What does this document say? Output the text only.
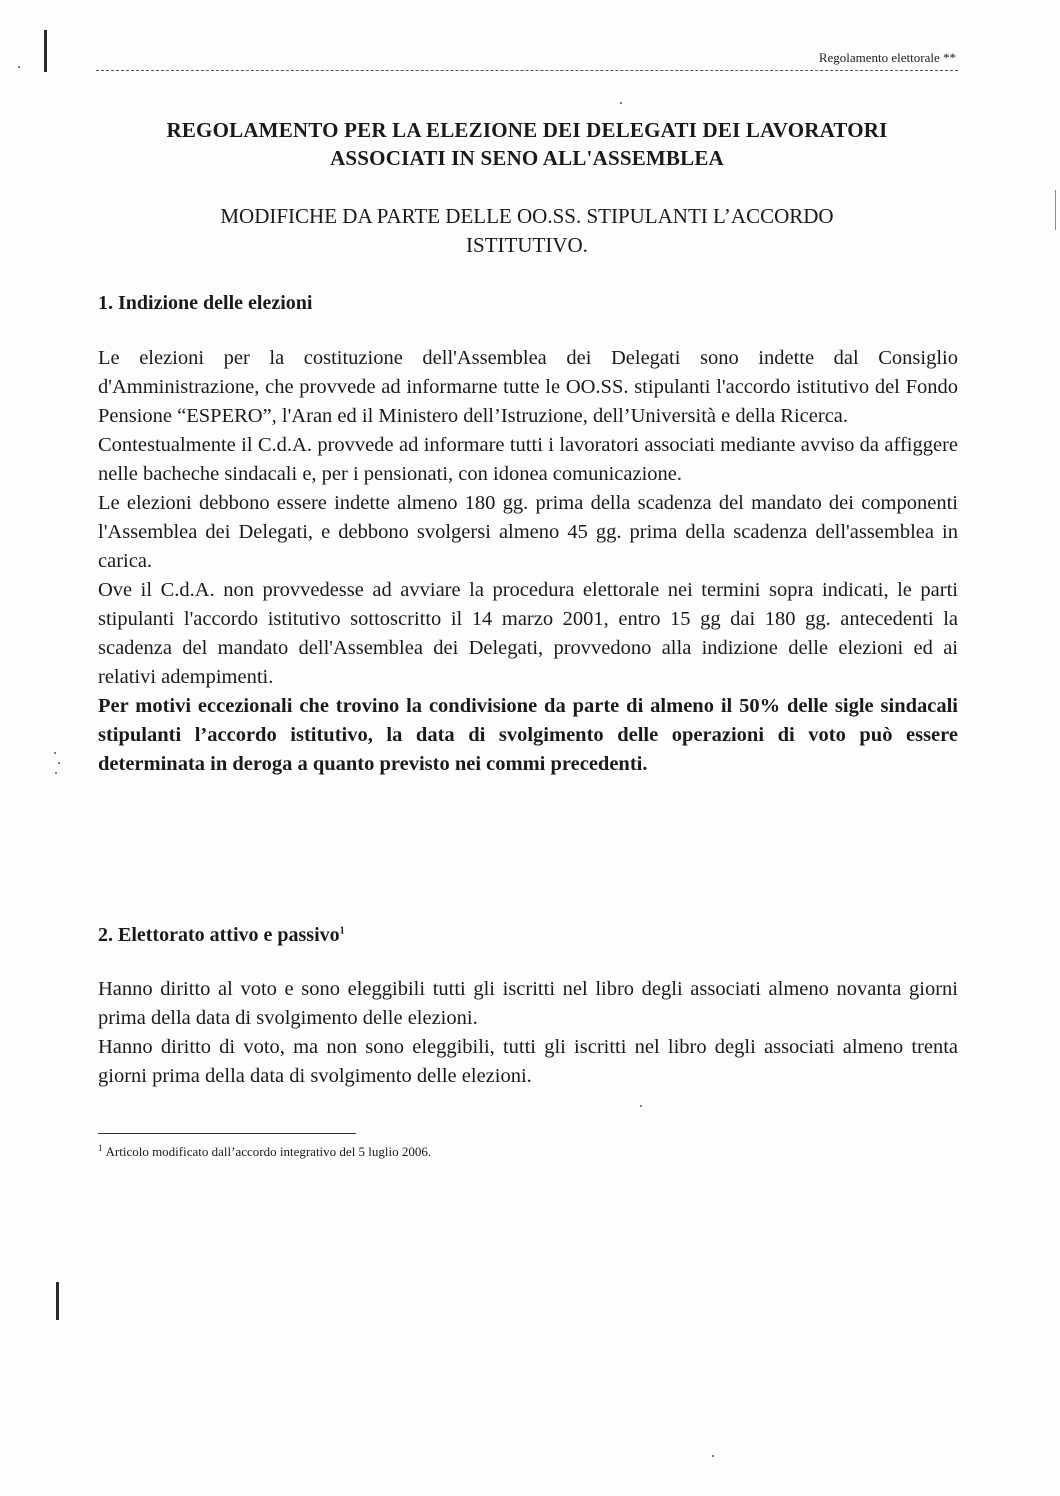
Regolamento elettorale **
REGOLAMENTO PER LA ELEZIONE DEI DELEGATI DEI LAVORATORI
ASSOCIATI IN SENO ALL'ASSEMBLEA
MODIFICHE DA PARTE DELLE OO.SS. STIPULANTI L’ACCORDO
ISTITUTIVO.
1. Indizione delle elezioni

Le elezioni per la costituzione dell'Assemblea dei Delegati sono indette dal Consiglio d'Amministrazione, che provvede ad informarne tutte le OO.SS. stipulanti l'accordo istitutivo del Fondo Pensione “ESPERO”, l'Aran ed il Ministero dell’Istruzione, dell’Università e della Ricerca.

Contestualmente il C.d.A. provvede ad informare tutti i lavoratori associati mediante avviso da affiggere nelle bacheche sindacali e, per i pensionati, con idonea comunicazione.

Le elezioni debbono essere indette almeno 180 gg. prima della scadenza del mandato dei componenti l'Assemblea dei Delegati, e debbono svolgersi almeno 45 gg. prima della scadenza dell'assemblea in carica.

Ove il C.d.A. non provvedesse ad avviare la procedura elettorale nei termini sopra indicati, le parti stipulanti l'accordo istitutivo sottoscritto il 14 marzo 2001, entro 15 gg dai 180 gg. antecedenti la scadenza del mandato dell'Assemblea dei Delegati, provvedono alla indizione delle elezioni ed ai relativi adempimenti.

Per motivi eccezionali che trovino la condivisione da parte di almeno il 50% delle sigle sindacali stipulanti l’accordo istitutivo, la data di svolgimento delle operazioni di voto può essere determinata in deroga a quanto previsto nei commi precedenti.

2. Elettorato attivo e passivo$^1$

Hanno diritto al voto e sono eleggibili tutti gli iscritti nel libro degli associati almeno novanta giorni prima della data di svolgimento delle elezioni.

Hanno diritto di voto, ma non sono eleggibili, tutti gli iscritti nel libro degli associati almeno trenta giorni prima della data di svolgimento delle elezioni.

$^1$ Articolo modificato dall’accordo integrativo del 5 luglio 2006.
